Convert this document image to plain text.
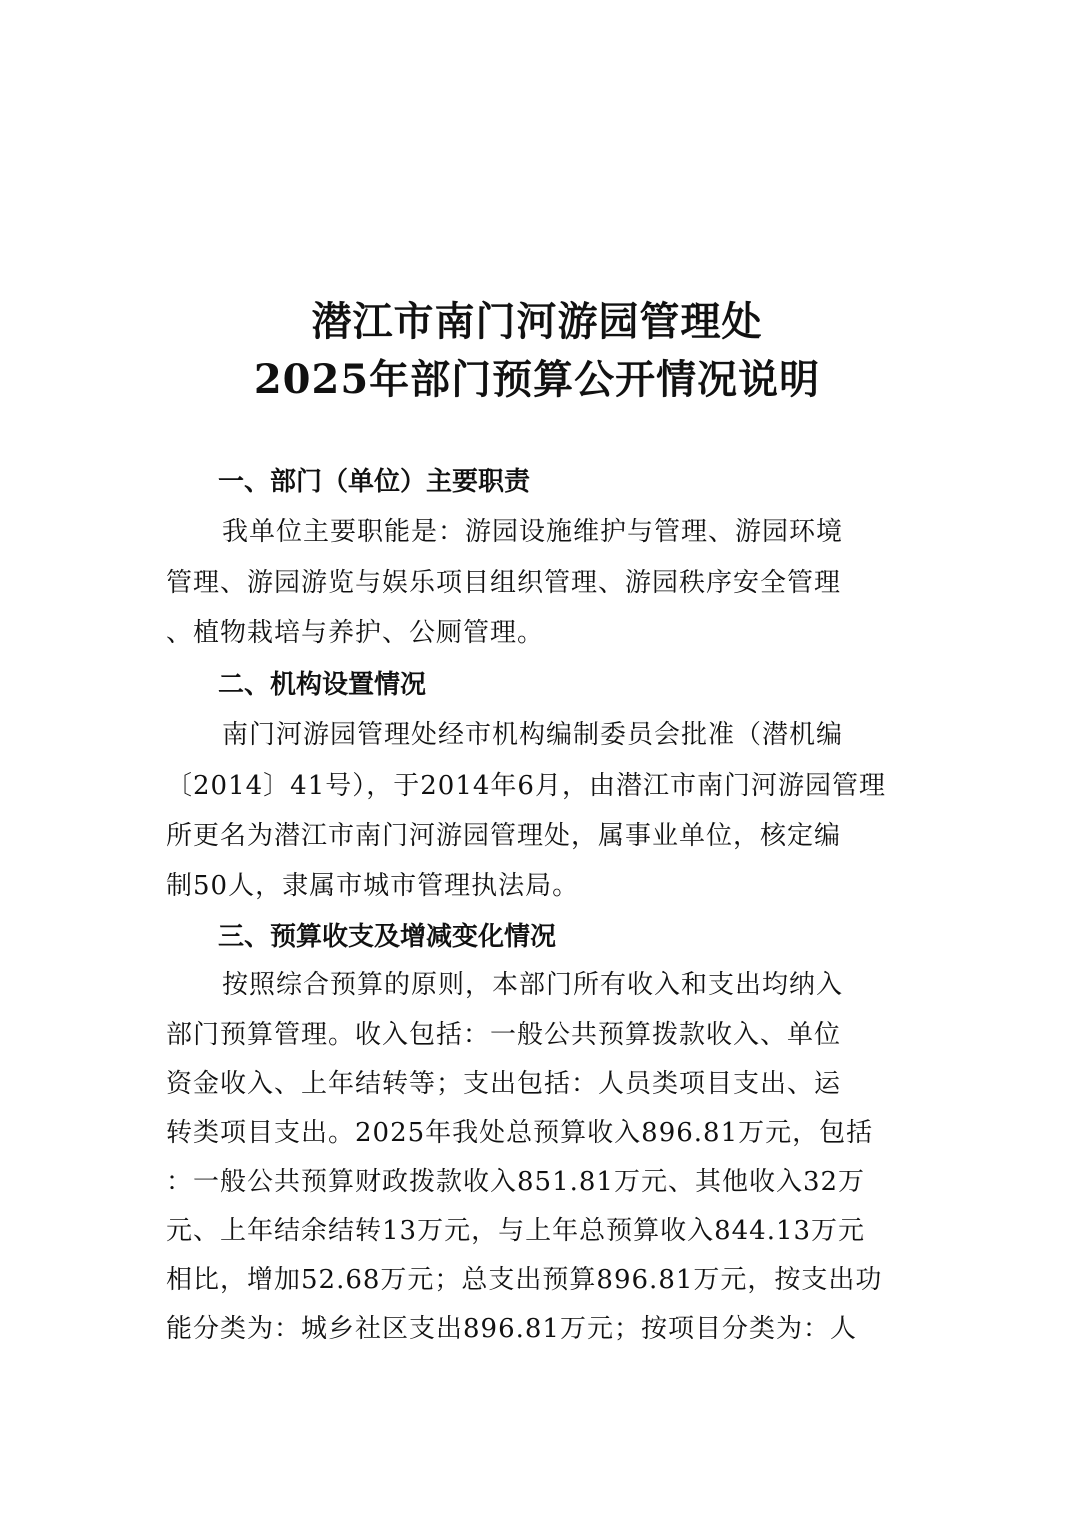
潜江市南门河游园管理处
2025年部门预算公开情况说明
一、部门（单位）主要职责
我单位主要职能是：游园设施维护与管理、游园环境
管理、游园游览与娱乐项目组织管理、游园秩序安全管理
、植物栽培与养护、公厕管理。
二、机构设置情况
南门河游园管理处经市机构编制委员会批准（潜机编
〔2014〕41号），于2014年6月，由潜江市南门河游园管理
所更名为潜江市南门河游园管理处，属事业单位，核定编
制50人，隶属市城市管理执法局。
三、预算收支及增减变化情况
按照综合预算的原则，本部门所有收入和支出均纳入
部门预算管理。收入包括：一般公共预算拨款收入、单位
资金收入、上年结转等；支出包括：人员类项目支出、运
转类项目支出。2025年我处总预算收入896.81万元，包括
：一般公共预算财政拨款收入851.81万元、其他收入32万
元、上年结余结转13万元，与上年总预算收入844.13万元
相比，增加52.68万元；总支出预算896.81万元，按支出功
能分类为：城乡社区支出896.81万元；按项目分类为：人
